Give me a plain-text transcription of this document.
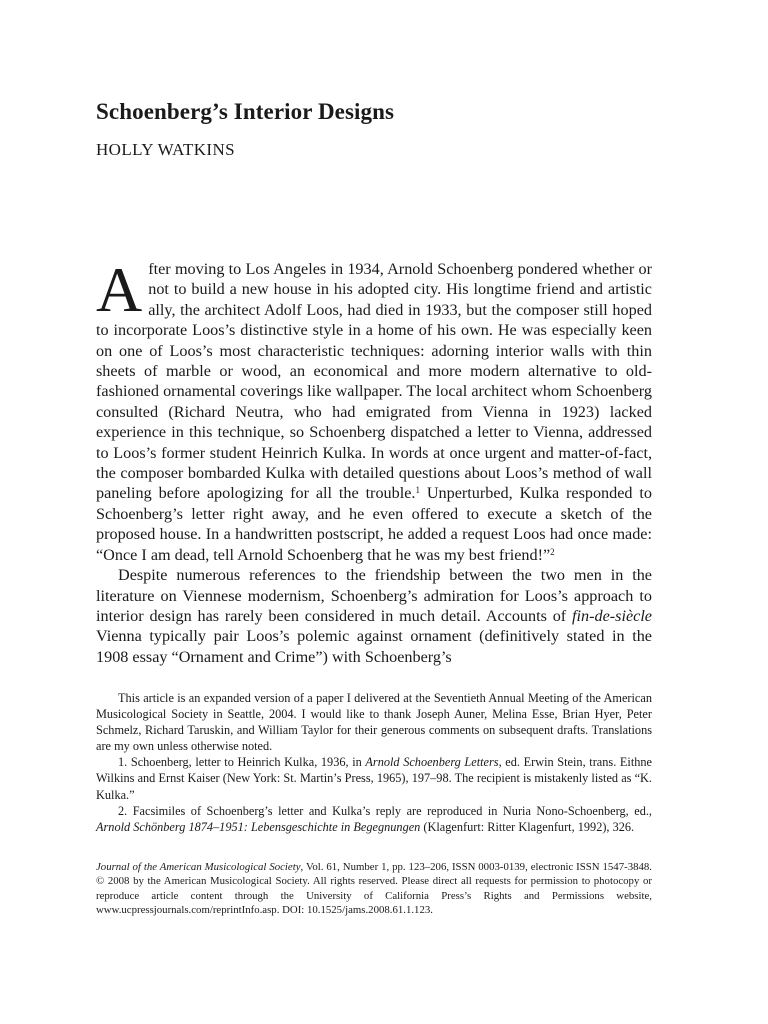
Schoenberg’s Interior Designs
HOLLY WATKINS

After moving to Los Angeles in 1934, Arnold Schoenberg pondered whether or not to build a new house in his adopted city. His longtime friend and artistic ally, the architect Adolf Loos, had died in 1933, but the composer still hoped to incorporate Loos’s distinctive style in a home of his own. He was especially keen on one of Loos’s most characteristic techniques: adorning interior walls with thin sheets of marble or wood, an economical and more modern alternative to old-fashioned ornamental coverings like wallpaper. The local architect whom Schoenberg consulted (Richard Neutra, who had emigrated from Vienna in 1923) lacked experience in this technique, so Schoenberg dispatched a letter to Vienna, addressed to Loos’s former student Heinrich Kulka. In words at once urgent and matter-of-fact, the composer bombarded Kulka with detailed questions about Loos’s method of wall paneling before apologizing for all the trouble.$^1$ Unperturbed, Kulka responded to Schoenberg’s letter right away, and he even offered to execute a sketch of the proposed house. In a handwritten postscript, he added a request Loos had once made: “Once I am dead, tell Arnold Schoenberg that he was my best friend!”$^2$

Despite numerous references to the friendship between the two men in the literature on Viennese modernism, Schoenberg’s admiration for Loos’s approach to interior design has rarely been considered in much detail. Accounts of fin-de-siècle Vienna typically pair Loos’s polemic against ornament (definitively stated in the 1908 essay “Ornament and Crime”) with Schoenberg’s

This article is an expanded version of a paper I delivered at the Seventieth Annual Meeting of the American Musicological Society in Seattle, 2004. I would like to thank Joseph Auner, Melina Esse, Brian Hyer, Peter Schmelz, Richard Taruskin, and William Taylor for their generous comments on subsequent drafts. Translations are my own unless otherwise noted.

1. Schoenberg, letter to Heinrich Kulka, 1936, in Arnold Schoenberg Letters, ed. Erwin Stein, trans. Eithne Wilkins and Ernst Kaiser (New York: St. Martin’s Press, 1965), 197–98. The recipient is mistakenly listed as “K. Kulka.”

2. Facsimiles of Schoenberg’s letter and Kulka’s reply are reproduced in Nuria Nono-Schoenberg, ed., Arnold Schönberg 1874–1951: Lebensgeschichte in Begegnungen (Klagenfurt: Ritter Klagenfurt, 1992), 326.

Journal of the American Musicological Society, Vol. 61, Number 1, pp. 123–206, ISSN 0003-0139, electronic ISSN 1547-3848. © 2008 by the American Musicological Society. All rights reserved. Please direct all requests for permission to photocopy or reproduce article content through the University of California Press’s Rights and Permissions website, www.ucpressjournals.com/reprintInfo.asp. DOI: 10.1525/jams.2008.61.1.123.
